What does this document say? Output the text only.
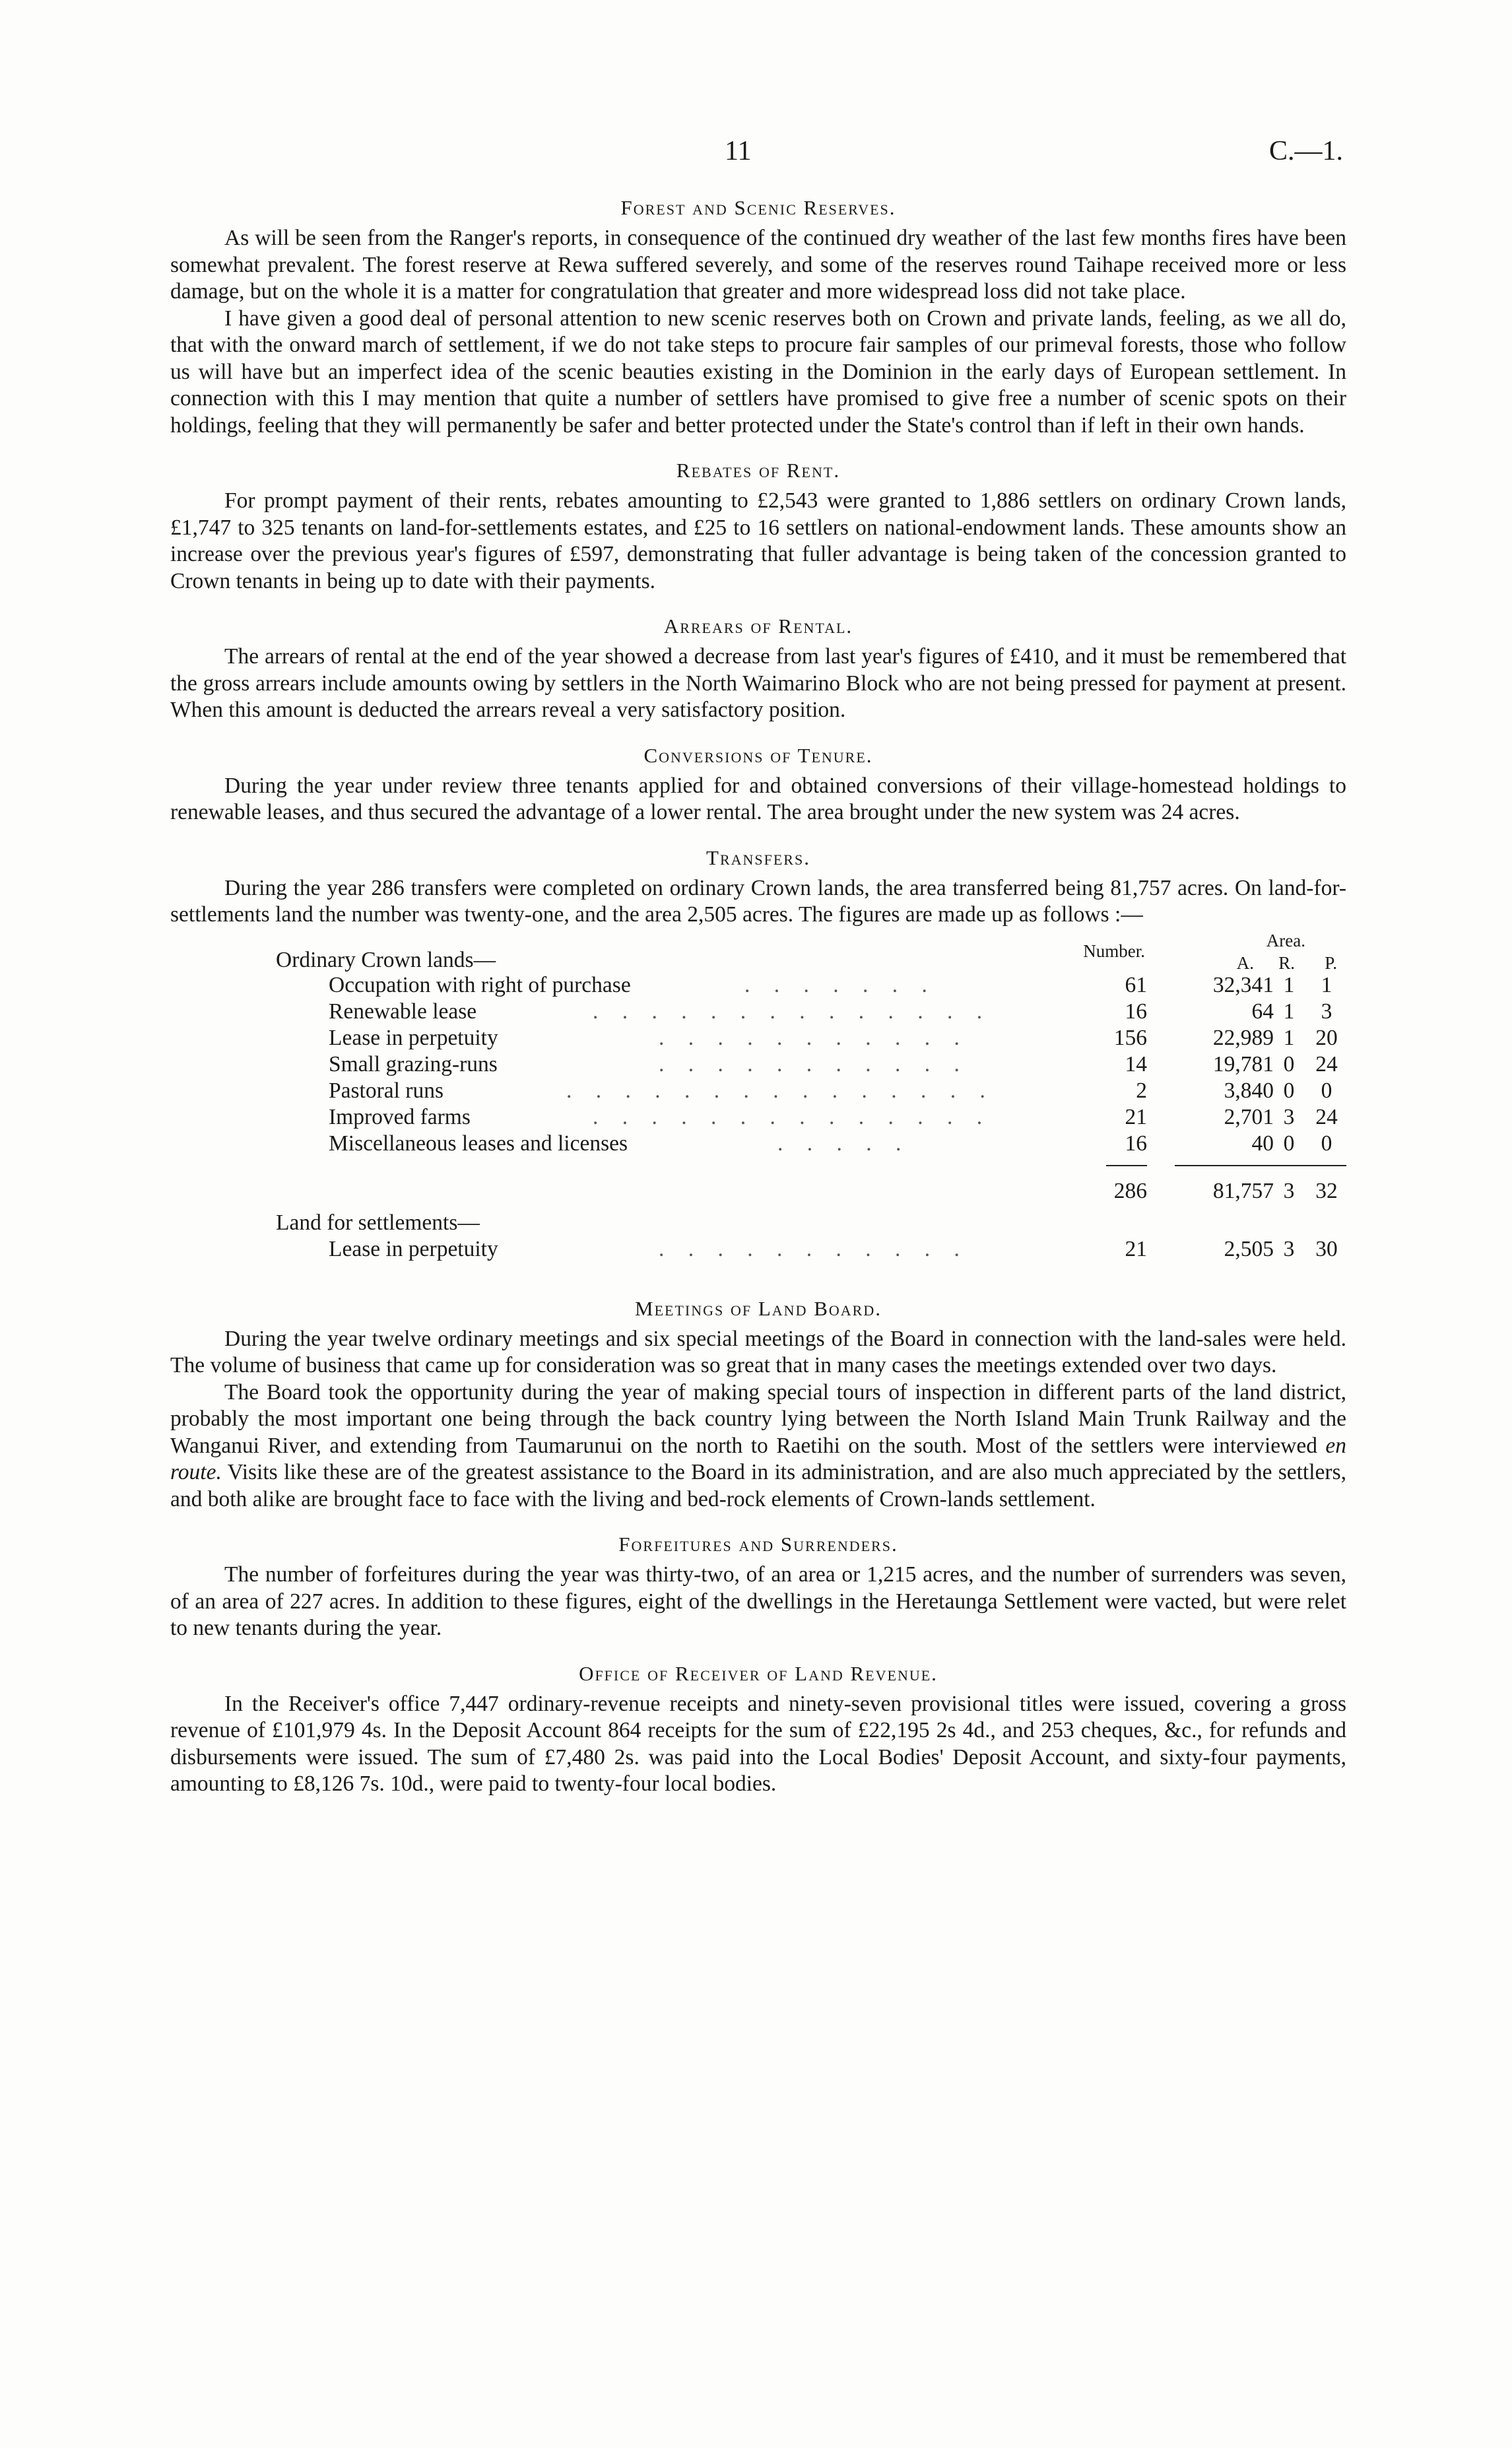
11	C.—1.
Forest and Scenic Reserves.

As will be seen from the Ranger's reports, in consequence of the continued dry weather of the last few months fires have been somewhat prevalent. The forest reserve at Rewa suffered severely, and some of the reserves round Taihape received more or less damage, but on the whole it is a matter for congratulation that greater and more widespread loss did not take place.

I have given a good deal of personal attention to new scenic reserves both on Crown and private lands, feeling, as we all do, that with the onward march of settlement, if we do not take steps to procure fair samples of our primeval forests, those who follow us will have but an imperfect idea of the scenic beauties existing in the Dominion in the early days of European settlement. In connection with this I may mention that quite a number of settlers have promised to give free a number of scenic spots on their holdings, feeling that they will permanently be safer and better protected under the State's control than if left in their own hands.

Rebates of Rent.

For prompt payment of their rents, rebates amounting to £2,543 were granted to 1,886 settlers on ordinary Crown lands, £1,747 to 325 tenants on land-for-settlements estates, and £25 to 16 settlers on national-endowment lands. These amounts show an increase over the previous year's figures of £597, demonstrating that fuller advantage is being taken of the concession granted to Crown tenants in being up to date with their payments.

Arrears of Rental.

The arrears of rental at the end of the year showed a decrease from last year's figures of £410, and it must be remembered that the gross arrears include amounts owing by settlers in the North Waimarino Block who are not being pressed for payment at present. When this amount is deducted the arrears reveal a very satisfactory position.

Conversions of Tenure.

During the year under review three tenants applied for and obtained conversions of their village-homestead holdings to renewable leases, and thus secured the advantage of a lower rental. The area brought under the new system was 24 acres.

Transfers.

During the year 286 transfers were completed on ordinary Crown lands, the area transferred being 81,757 acres. On land-for-settlements land the number was twenty-one, and the area 2,505 acres. The figures are made up as follows :—

Number.
Area.
Ordinary Crown lands—	A. R. P.
Occupation with right of purchase	. . . . . . .	61	32,341 1	1
Renewable lease	. . . . . . . . . . . . . .	16	64 1	3
Lease in perpetuity	. . . . . . . . . . .	156	22,989 1 20
Small grazing-runs	. . . . . . . . . . .	14	19,781 0 24
Pastoral runs	. . . . . . . . . . . . . . .	2	3,840 0	0
Improved farms	. . . . . . . . . . . . . .	21	2,701 3 24
Miscellaneous leases and licenses	. . . . .	16	40 0	0
286	81,757 3 32
Land for settlements—
Lease in perpetuity	. . . . . . . . . . .	21	2,505 3 30
Meetings of Land Board.

During the year twelve ordinary meetings and six special meetings of the Board in connection with the land-sales were held. The volume of business that came up for consideration was so great that in many cases the meetings extended over two days.

The Board took the opportunity during the year of making special tours of inspection in different parts of the land district, probably the most important one being through the back country lying between the North Island Main Trunk Railway and the Wanganui River, and extending from Taumarunui on the north to Raetihi on the south. Most of the settlers were interviewed en route. Visits like these are of the greatest assistance to the Board in its administration, and are also much appreciated by the settlers, and both alike are brought face to face with the living and bed-rock elements of Crown-lands settlement.

Forfeitures and Surrenders.

The number of forfeitures during the year was thirty-two, of an area or 1,215 acres, and the number of surrenders was seven, of an area of 227 acres. In addition to these figures, eight of the dwellings in the Heretaunga Settlement were vacted, but were relet to new tenants during the year.

Office of Receiver of Land Revenue.

In the Receiver's office 7,447 ordinary-revenue receipts and ninety-seven provisional titles were issued, covering a gross revenue of £101,979 4s. In the Deposit Account 864 receipts for the sum of £22,195 2s 4d., and 253 cheques, &c., for refunds and disbursements were issued. The sum of £7,480 2s. was paid into the Local Bodies' Deposit Account, and sixty-four payments, amounting to £8,126 7s. 10d., were paid to twenty-four local bodies.
